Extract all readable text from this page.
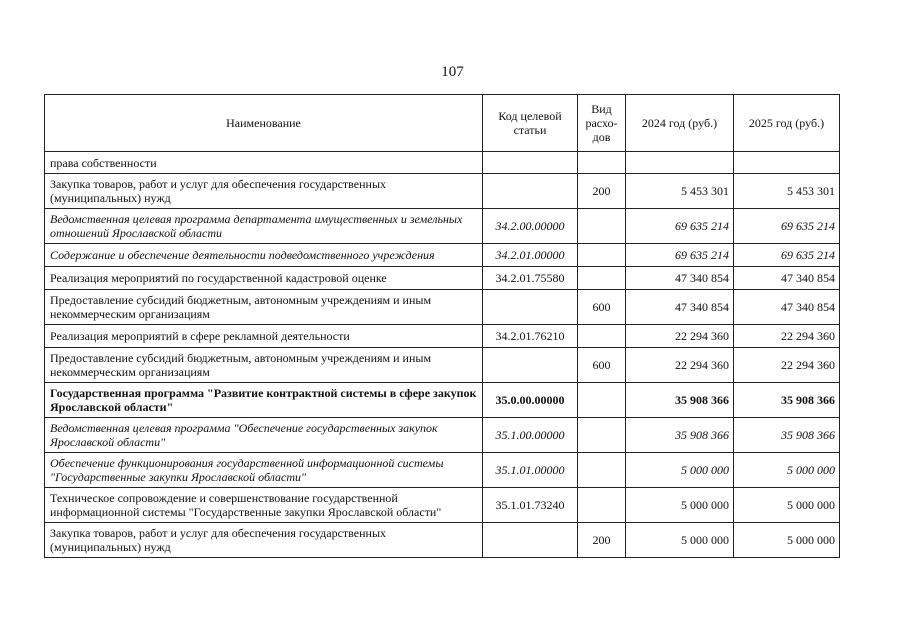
107
Наименование	Код целевой статьи	Вид расхо-дов	2024 год (руб.)	2025 год (руб.)
права собственности				
Закупка товаров, работ и услуг для обеспечения государственных (муниципальных) нужд		200	5 453 301	5 453 301
Ведомственная целевая программа департамента имущественных и земельных отношений Ярославской области	34.2.00.00000		69 635 214	69 635 214
Содержание и обеспечение деятельности подведомственного учреждения	34.2.01.00000		69 635 214	69 635 214
Реализация мероприятий по государственной кадастровой оценке	34.2.01.75580		47 340 854	47 340 854
Предоставление субсидий бюджетным, автономным учреждениям и иным некоммерческим организациям		600	47 340 854	47 340 854
Реализация мероприятий в сфере рекламной деятельности	34.2.01.76210		22 294 360	22 294 360
Предоставление субсидий бюджетным, автономным учреждениям и иным некоммерческим организациям		600	22 294 360	22 294 360
Государственная программа "Развитие контрактной системы в сфере закупок Ярославской области"	35.0.00.00000		35 908 366	35 908 366
Ведомственная целевая программа "Обеспечение государственных закупок Ярославской области"	35.1.00.00000		35 908 366	35 908 366
Обеспечение функционирования государственной информационной системы "Государственные закупки Ярославской области"	35.1.01.00000		5 000 000	5 000 000
Техническое сопровождение и совершенствование государственной информационной системы "Государственные закупки Ярославской области"	35.1.01.73240		5 000 000	5 000 000
Закупка товаров, работ и услуг для обеспечения государственных (муниципальных) нужд		200	5 000 000	5 000 000
